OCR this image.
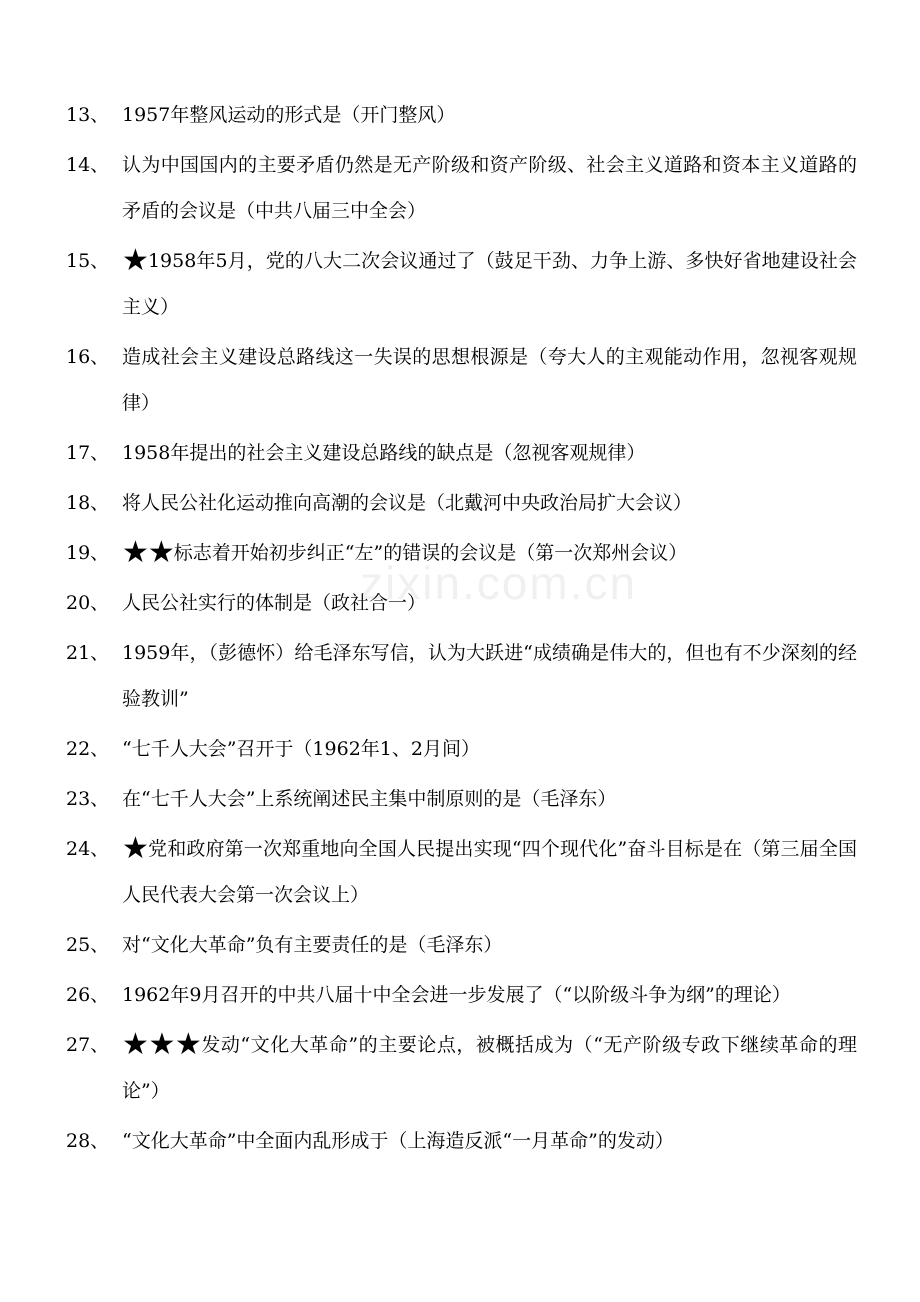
zixin.com.cn
13、 1957年整风运动的形式是（开门整风）
14、 认为中国国内的主要矛盾仍然是无产阶级和资产阶级、社会主义道路和资本主义道路的矛盾的会议是（中共八届三中全会）
15、 ★1958年5月，党的八大二次会议通过了（鼓足干劲、力争上游、多快好省地建设社会主义）
16、 造成社会主义建设总路线这一失误的思想根源是（夸大人的主观能动作用，忽视客观规律）
17、 1958年提出的社会主义建设总路线的缺点是（忽视客观规律）
18、 将人民公社化运动推向高潮的会议是（北戴河中央政治局扩大会议）
19、 ★★标志着开始初步纠正“左”的错误的会议是（第一次郑州会议）
20、 人民公社实行的体制是（政社合一）
21、 1959年，（彭德怀）给毛泽东写信，认为大跃进“成绩确是伟大的，但也有不少深刻的经验教训”
22、 “七千人大会”召开于（1962年1、2月间）
23、 在“七千人大会”上系统阐述民主集中制原则的是（毛泽东）
24、 ★党和政府第一次郑重地向全国人民提出实现“四个现代化”奋斗目标是在（第三届全国人民代表大会第一次会议上）
25、 对“文化大革命”负有主要责任的是（毛泽东）
26、 1962年9月召开的中共八届十中全会进一步发展了（“以阶级斗争为纲”的理论）
27、 ★★★发动“文化大革命”的主要论点，被概括成为（“无产阶级专政下继续革命的理论”）
28、 “文化大革命”中全面内乱形成于（上海造反派“一月革命”的发动）
